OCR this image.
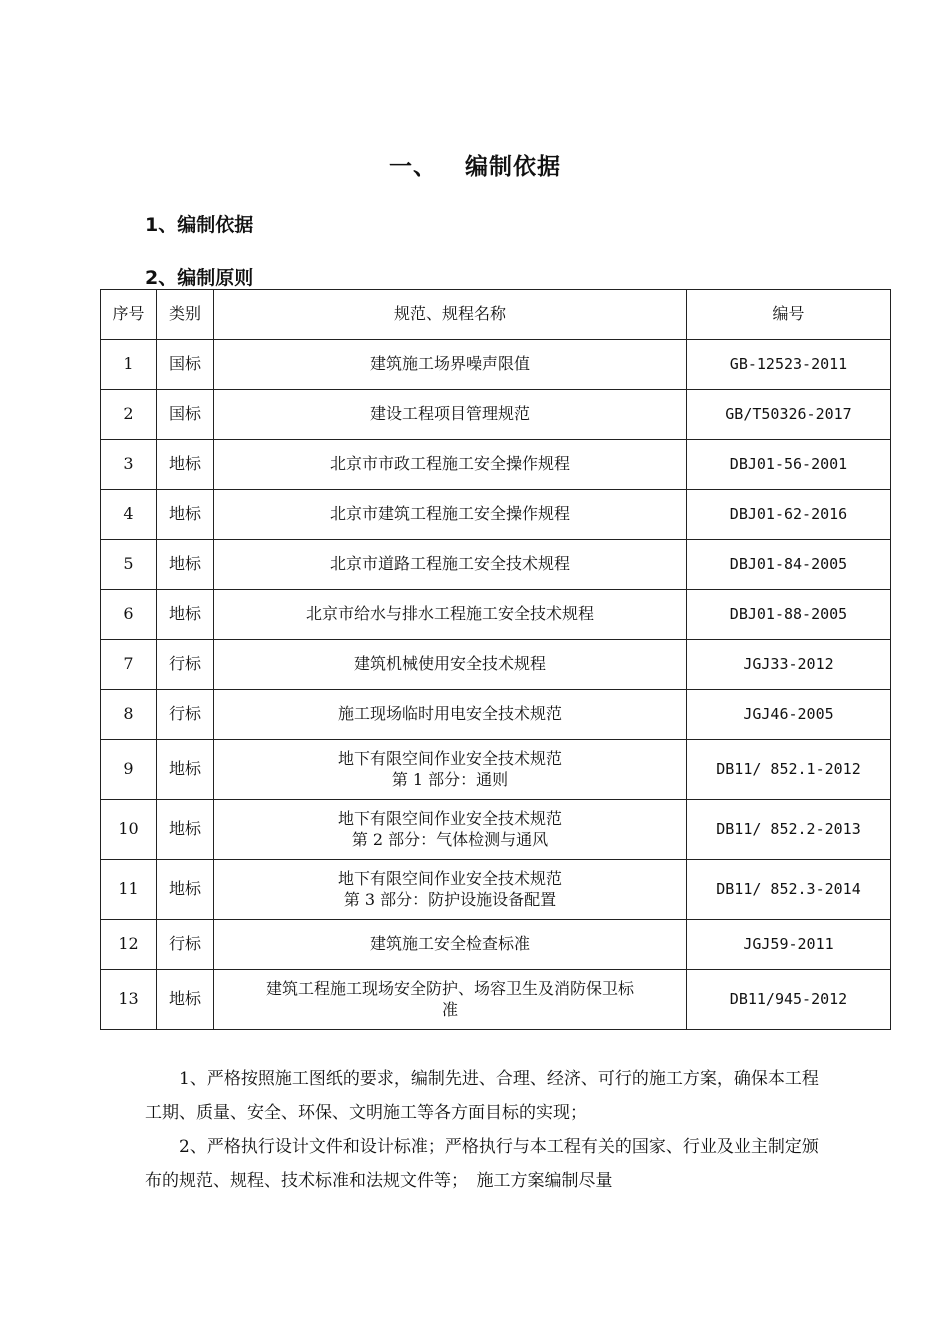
一、 编制依据
1、编制依据
2、编制原则
序号	类别	规范、规程名称	编号
1	国标	建筑施工场界噪声限值	GB-12523-2011
2	国标	建设工程项目管理规范	GB/T50326-2017
3	地标	北京市市政工程施工安全操作规程	DBJ01-56-2001
4	地标	北京市建筑工程施工安全操作规程	DBJ01-62-2016
5	地标	北京市道路工程施工安全技术规程	DBJ01-84-2005
6	地标	北京市给水与排水工程施工安全技术规程	DBJ01-88-2005
7	行标	建筑机械使用安全技术规程	JGJ33-2012
8	行标	施工现场临时用电安全技术规范	JGJ46-2005
9	地标	地下有限空间作业安全技术规范
第 1 部分：通则	DB11/ 852.1-2012
10	地标	地下有限空间作业安全技术规范
第 2 部分：气体检测与通风	DB11/ 852.2-2013
11	地标	地下有限空间作业安全技术规范
第 3 部分：防护设施设备配置	DB11/ 852.3-2014
12	行标	建筑施工安全检查标准	JGJ59-2011
13	地标	建筑工程施工现场安全防护、场容卫生及消防保卫标
准	DB11/945-2012

1、严格按照施工图纸的要求，编制先进、合理、经济、可行的施工方案，确保本工程工期、质量、安全、环保、文明施工等各方面目标的实现；

2、严格执行设计文件和设计标准；严格执行与本工程有关的国家、行业及业主制定颁布的规范、规程、技术标准和法规文件等；　施工方案编制尽量
